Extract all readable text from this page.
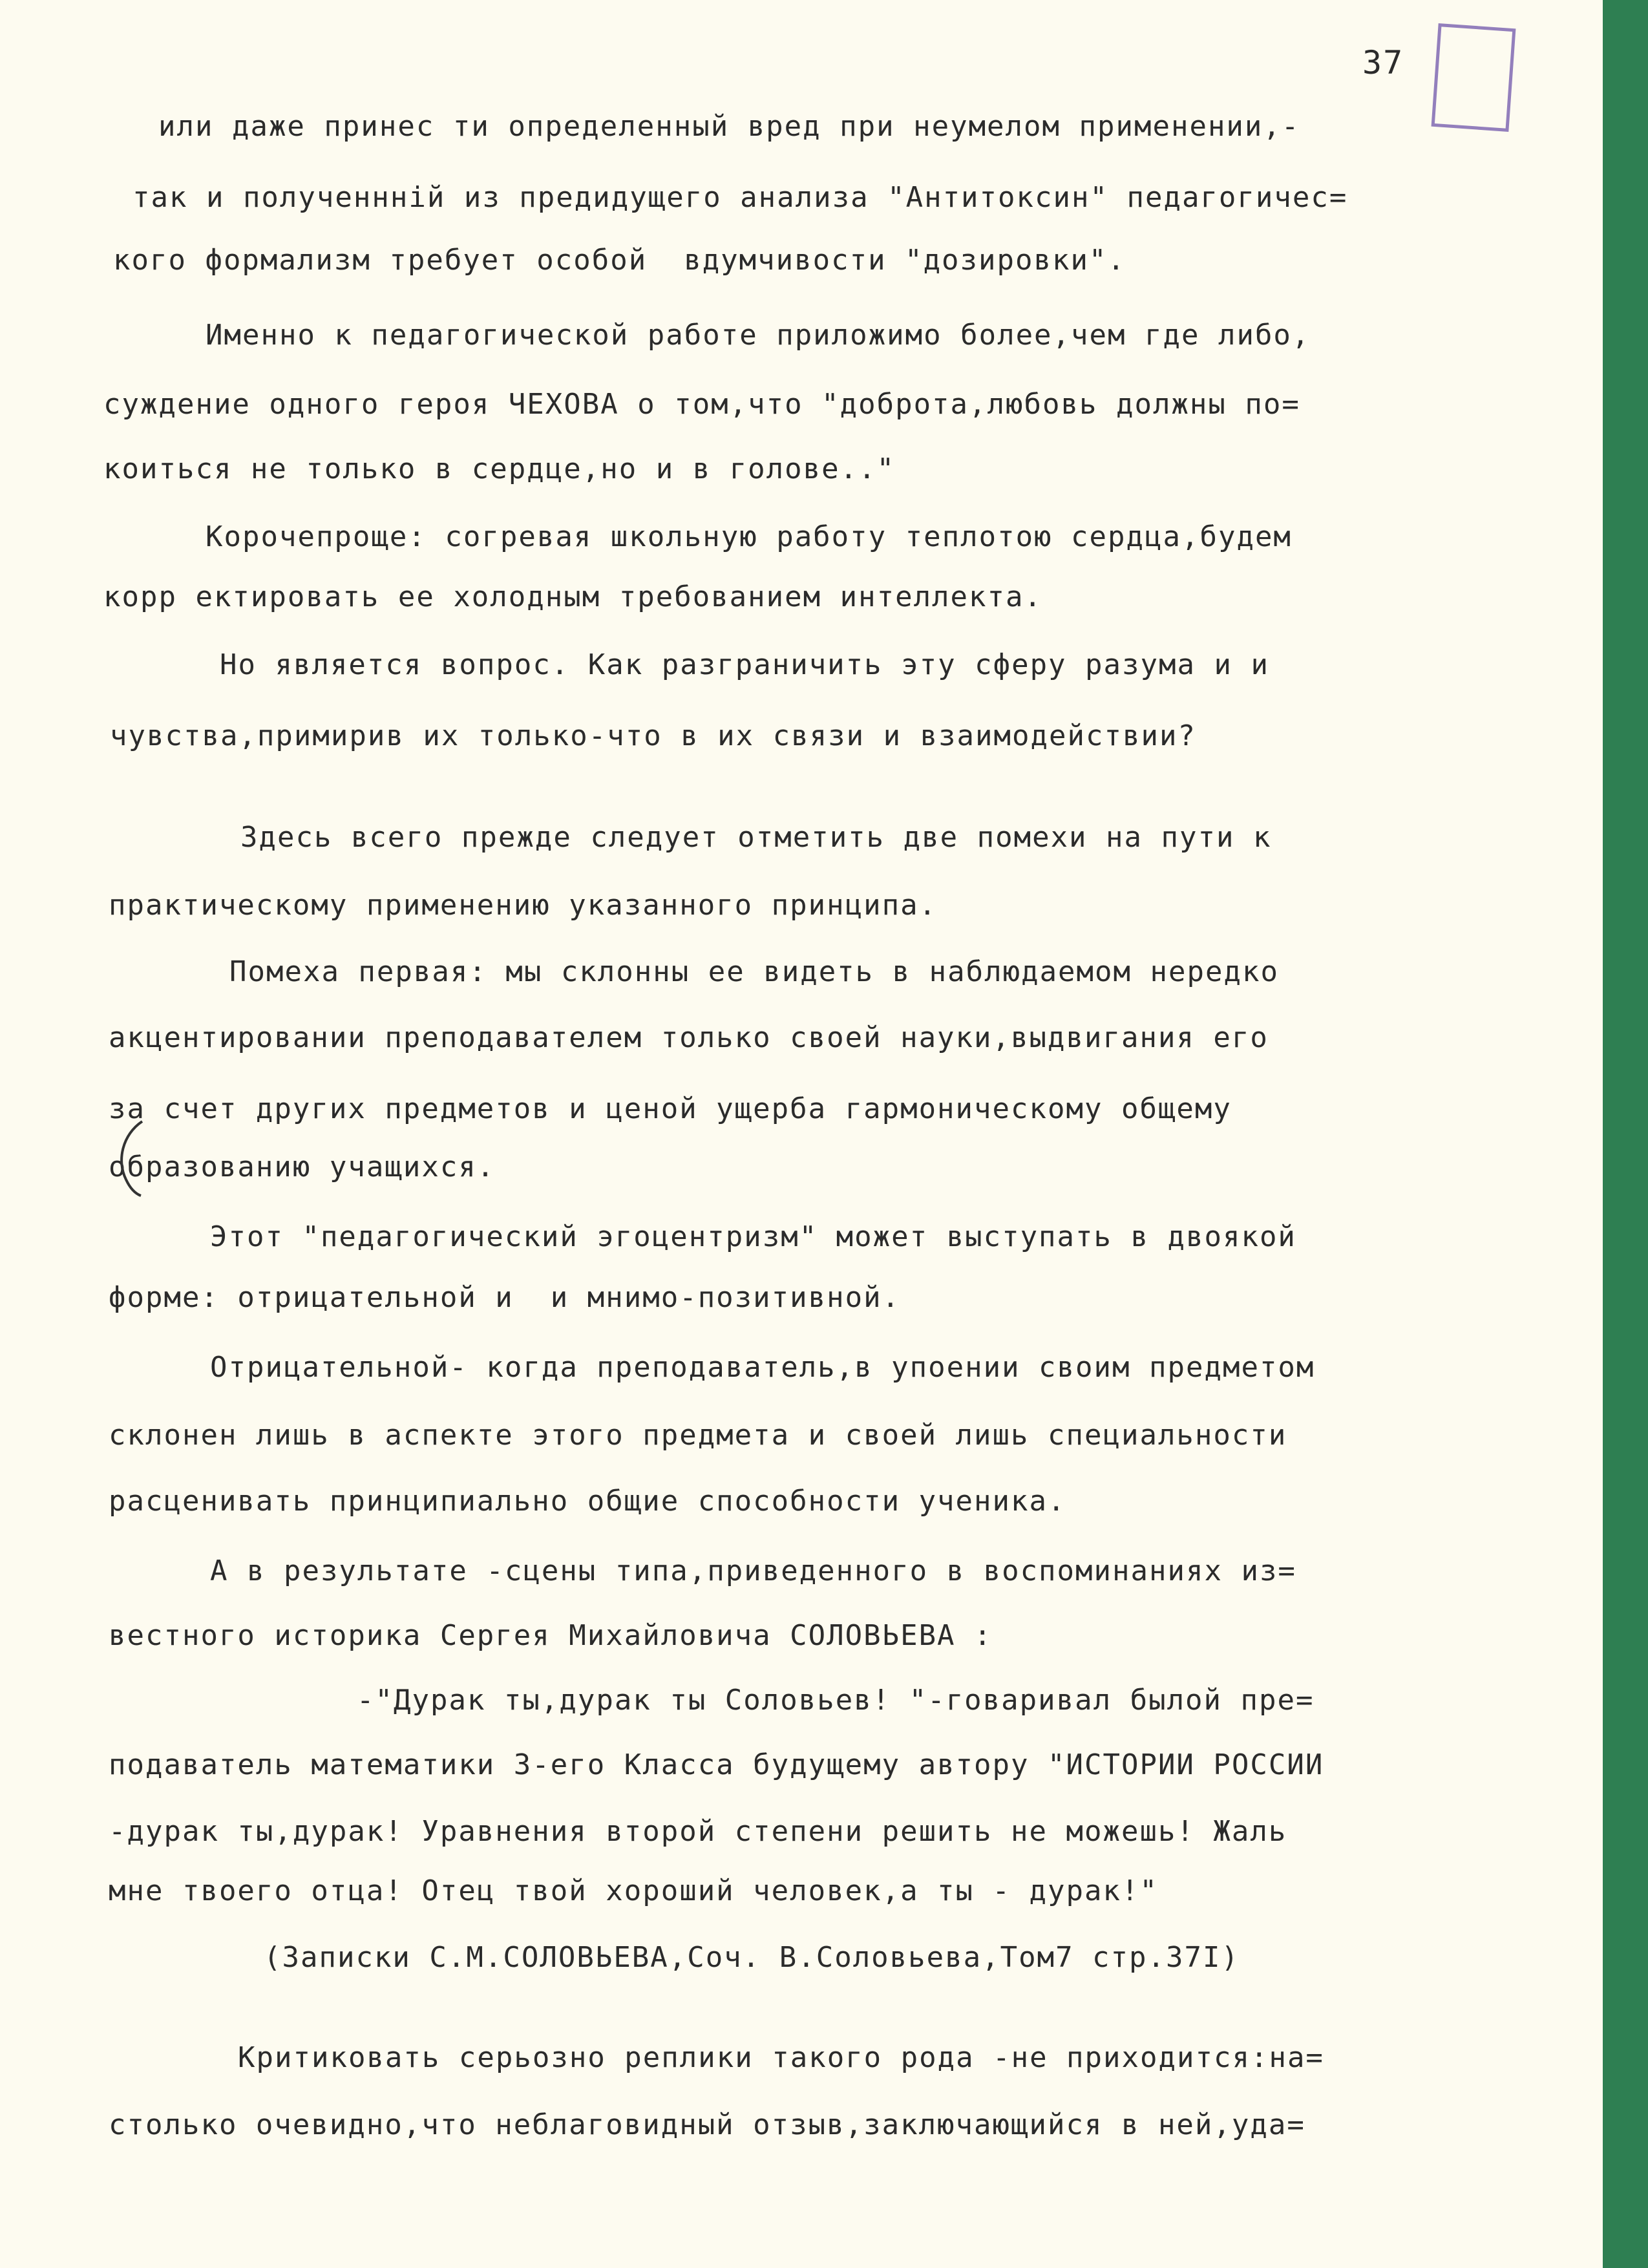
37
или даже принес ти определенный вред при неумелом применении,-
так и полученнній из предидущего анализа "Антитоксин" педагогичес=
кого формализм требует особой  вдумчивости "дозировки".
Именно к педагогической работе приложимо более,чем где либо,
суждение одного героя ЧЕХОВА о том,что "доброта,любовь должны по=
коиться не только в сердце,но и в голове.."
Корочепроще: согревая школьную работу теплотою сердца,будем
корр ектировать ее холодным требованием интеллекта.
Но является вопрос. Как разграничить эту сферу разума и и
чувства,примирив их только-что в их связи и взаимодействии?
Здесь всего прежде следует отметить две помехи на пути к
практическому применению указанного принципа.
Помеха первая: мы склонны ее видеть в наблюдаемом нередко
акцентировании преподавателем только своей науки,выдвигания его
за счет других предметов и ценой ущерба гармоническому общему
образованию учащихся.
Этот "педагогический эгоцентризм" может выступать в двоякой
форме: отрицательной и  и мнимо-позитивной.
Отрицательной- когда преподаватель,в упоении своим предметом
склонен лишь в аспекте этого предмета и своей лишь специальности
расценивать принципиально общие способности ученика.
А в результате -сцены типа,приведенного в воспоминаниях из=
вестного историка Сергея Михайловича СОЛОВЬЕВА :
-"Дурак ты,дурак ты Соловьев! "-говаривал былой пре=
подаватель математики 3-его Класса будущему автору "ИСТОРИИ РОССИИ
-дурак ты,дурак! Уравнения второй степени решить не можешь! Жаль
мне твоего отца! Отец твой хороший человек,а ты - дурак!"
(Записки С.М.СОЛОВЬЕВА,Соч. В.Соловьева,Том7 стр.37I)
Критиковать серьозно реплики такого рода -не приходится:на=
столько очевидно,что неблаговидный отзыв,заключающийся в ней,уда=
